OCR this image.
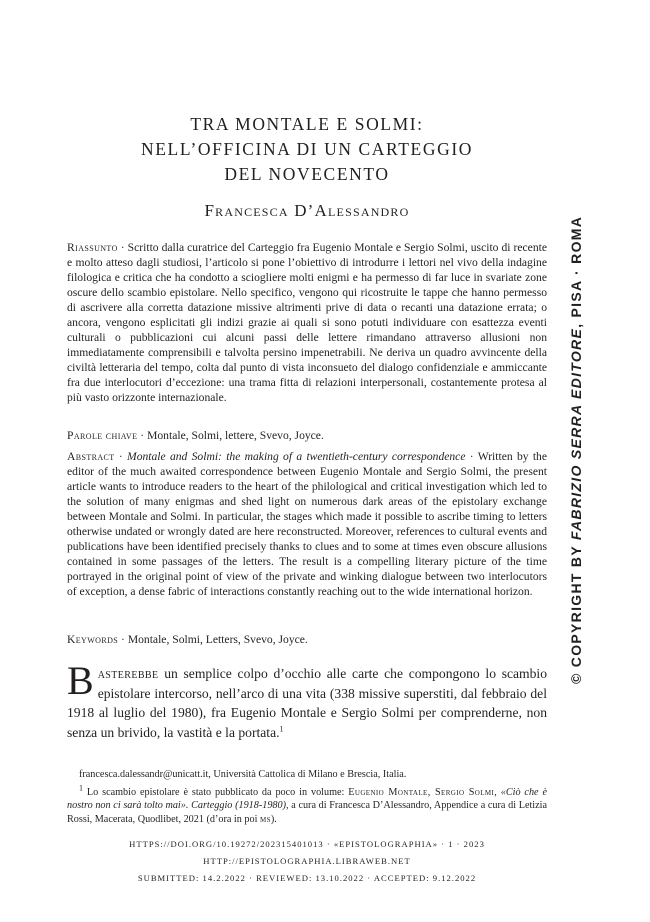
TRA MONTALE E SOLMI:
NELL’OFFICINA DI UN CARTEGGIO
DEL NOVECENTO
Francesca D’Alessandro
Riassunto · Scritto dalla curatrice del Carteggio fra Eugenio Montale e Sergio Solmi, uscito di recente e molto atteso dagli studiosi, l’articolo si pone l’obiettivo di introdurre i lettori nel vivo della indagine filologica e critica che ha condotto a sciogliere molti enigmi e ha permesso di far luce in svariate zone oscure dello scambio epistolare. Nello specifico, vengono qui ricostruite le tappe che hanno permesso di ascrivere alla corretta datazione missive altrimenti prive di data o recanti una datazione errata; o ancora, vengono esplicitati gli indizi grazie ai quali si sono potuti individuare con esattezza eventi culturali o pubblicazioni cui alcuni passi delle lettere rimandano attraverso allusioni non immediatamente comprensibili e talvolta persino impenetrabili. Ne deriva un quadro avvincente della civiltà letteraria del tempo, colta dal punto di vista inconsueto del dialogo confidenziale e ammiccante fra due interlocutori d’eccezione: una trama fitta di relazioni interpersonali, costantemente protesa al più vasto orizzonte internazionale.
Parole chiave · Montale, Solmi, lettere, Svevo, Joyce.
Abstract · Montale and Solmi: the making of a twentieth-century correspondence · Written by the editor of the much awaited correspondence between Eugenio Montale and Sergio Solmi, the present article wants to introduce readers to the heart of the philological and critical investigation which led to the solution of many enigmas and shed light on numerous dark areas of the epistolary exchange between Montale and Solmi. In particular, the stages which made it possible to ascribe timing to letters otherwise undated or wrongly dated are here reconstructed. Moreover, references to cultural events and publications have been identified precisely thanks to clues and to some at times even obscure allusions contained in some passages of the letters. The result is a compelling literary picture of the time portrayed in the original point of view of the private and winking dialogue between two interlocutors of exception, a dense fabric of interactions constantly reaching out to the wide international horizon.
Keywords · Montale, Solmi, Letters, Svevo, Joyce.
Basterebbe un semplice colpo d’occhio alle carte che compongono lo scambio epistolare intercorso, nell’arco di una vita (338 missive superstiti, dal febbraio del 1918 al luglio del 1980), fra Eugenio Montale e Sergio Solmi per comprenderne, non senza un brivido, la vastità e la portata.$^1$

francesca.dalessandr@unicatt.it, Università Cattolica di Milano e Brescia, Italia.

$^1$ Lo scambio epistolare è stato pubblicato da poco in volume: Eugenio Montale, Sergio Solmi, «Ciò che è nostro non ci sarà tolto mai». Carteggio (1918-1980), a cura di Francesca D’Alessandro, Appendice a cura di Letizia Rossi, Macerata, Quodlibet, 2021 (d’ora in poi ms).

HTTPS://DOI.ORG/10.19272/202315401013 · «EPISTOLOGRAPHIA» · 1 · 2023
HTTP://EPISTOLOGRAPHIA.LIBRAWEB.NET
SUBMITTED: 14.2.2022 · REVIEWED: 13.10.2022 · ACCEPTED: 9.12.2022
© COPYRIGHT BY FABRIZIO SERRA EDITORE, PISA · ROMA
